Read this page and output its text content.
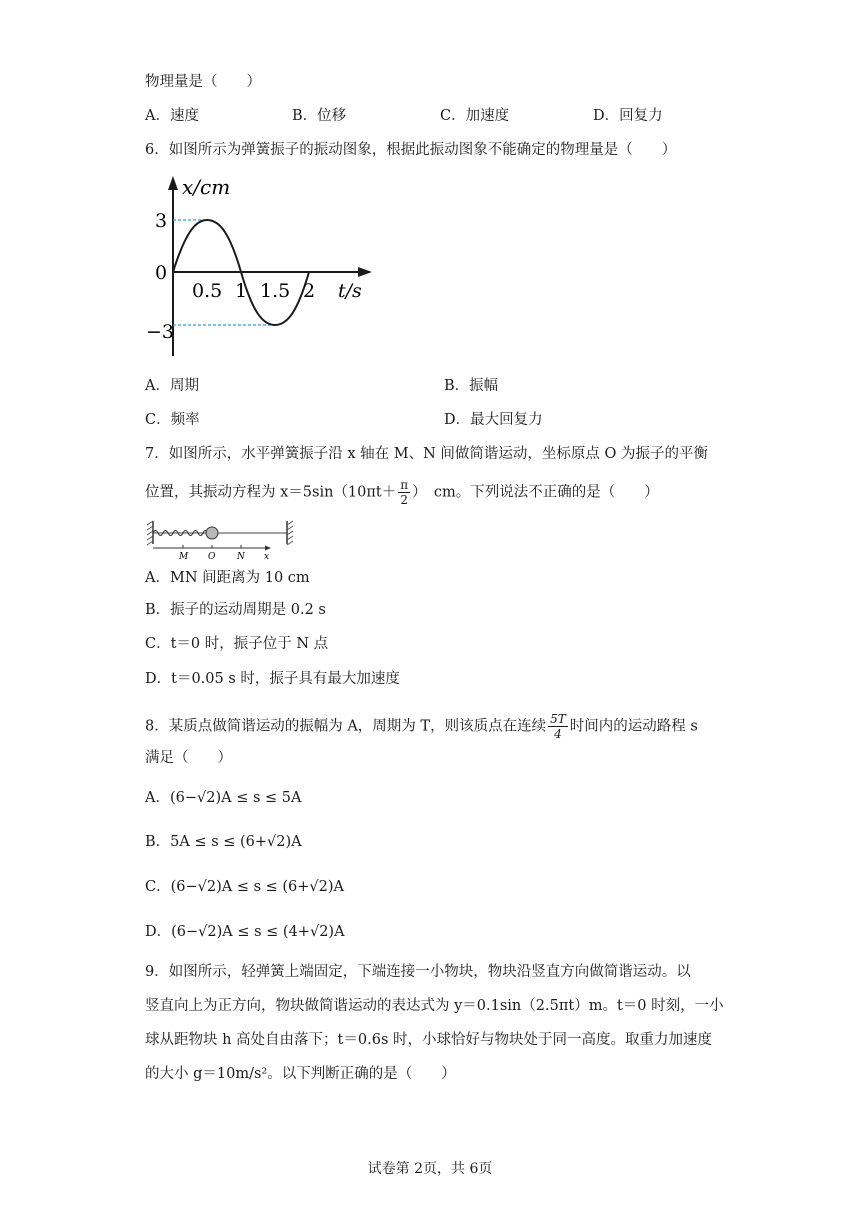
物理量是（　　）
A．速度	B．位移	C．加速度	D．回复力
6．如图所示为弹簧振子的振动图象，根据此振动图象不能确定的物理量是（　　）
x/cm
3
0
−3
0.5 1 1.5 2 t/s
A．周期	B．振幅
C．频率	D．最大回复力
7．如图所示，水平弹簧振子沿 x 轴在 M、N 间做简谐运动，坐标原点 O 为振子的平衡
位置，其振动方程为 $x=5\sin(10\pi t+ \frac{\pi}{2}$ ）　cm。下列说法不正确的是（　　）
M O N x
A．MN 间距离为 10 cm
B．振子的运动周期是 0.2 s
C．t＝0 时，振子位于 N 点
D．t＝0.05 s 时，振子具有最大加速度
8．某质点做简谐运动的振幅为 A，周期为 T，则该质点在连续 $\frac{5T}{4}$ 时间内的运动路程 s
满足（　　）
A．(6−√2)A ≤ s ≤ 5A
B．5A ≤ s ≤ (6+√2)A
C．(6−√2)A ≤ s ≤ (6+√2)A
D．(6−√2)A ≤ s ≤ (4+√2)A
9．如图所示，轻弹簧上端固定，下端连接一小物块，物块沿竖直方向做简谐运动。以
竖直向上为正方向，物块做简谐运动的表达式为 y＝0.1sin（2.5πt）m。t＝0 时刻，一小
球从距物块 h 高处自由落下；t＝0.6s 时，小球恰好与物块处于同一高度。取重力加速度
的大小 g＝10m/s²。以下判断正确的是（　　）
试卷第 2页，共 6页
